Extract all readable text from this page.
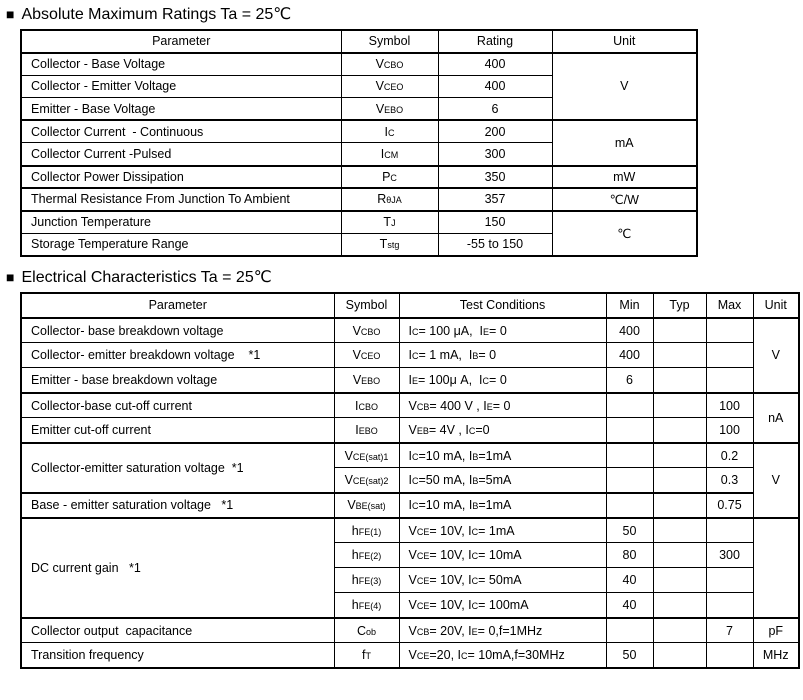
■ Absolute Maximum Ratings Ta = 25℃
Parameter	Symbol	Rating	Unit
Collector - Base Voltage	VCBO	400	V
Collector - Emitter Voltage	VCEO	400	
Emitter - Base Voltage	VEBO	6	
Collector Current  - Continuous	IC	200	mA
Collector Current -Pulsed	ICM	300	
Collector Power Dissipation	PC	350	mW
Thermal Resistance From Junction To Ambient	RθJA	357	℃/W
Junction Temperature	TJ	150	℃
Storage Temperature Range	Tstg	-55 to 150	
■ Electrical Characteristics Ta = 25℃
Parameter	Symbol	Test Conditions	Min	Typ	Max	Unit
Collector- base breakdown voltage	VCBO	IC= 100 μA,  IE= 0	400			V
Collector- emitter breakdown voltage    *1	VCEO	IC= 1 mA,  IB= 0	400			
Emitter - base breakdown voltage	VEBO	IE= 100μ A,  IC= 0	6			
Collector-base cut-off current	ICBO	VCB= 400 V , IE= 0			100	nA
Emitter cut-off current	IEBO	VEB= 4V , IC=0			100	
Collector-emitter saturation voltage  *1	VCE(sat)1	IC=10 mA, IB=1mA			0.2	V
	VCE(sat)2	IC=50 mA, IB=5mA			0.3	
Base - emitter saturation voltage   *1	VBE(sat)	IC=10 mA, IB=1mA			0.75	
DC current gain   *1	hFE(1)	VCE= 10V, IC= 1mA	50			
	hFE(2)	VCE= 10V, IC= 10mA	80		300	
	hFE(3)	VCE= 10V, IC= 50mA	40			
	hFE(4)	VCE= 10V, IC= 100mA	40			
Collector output  capacitance	Cob	VCB= 20V, IE= 0,f=1MHz			7	pF
Transition frequency	fT	VCE=20, IC= 10mA,f=30MHz	50			MHz
